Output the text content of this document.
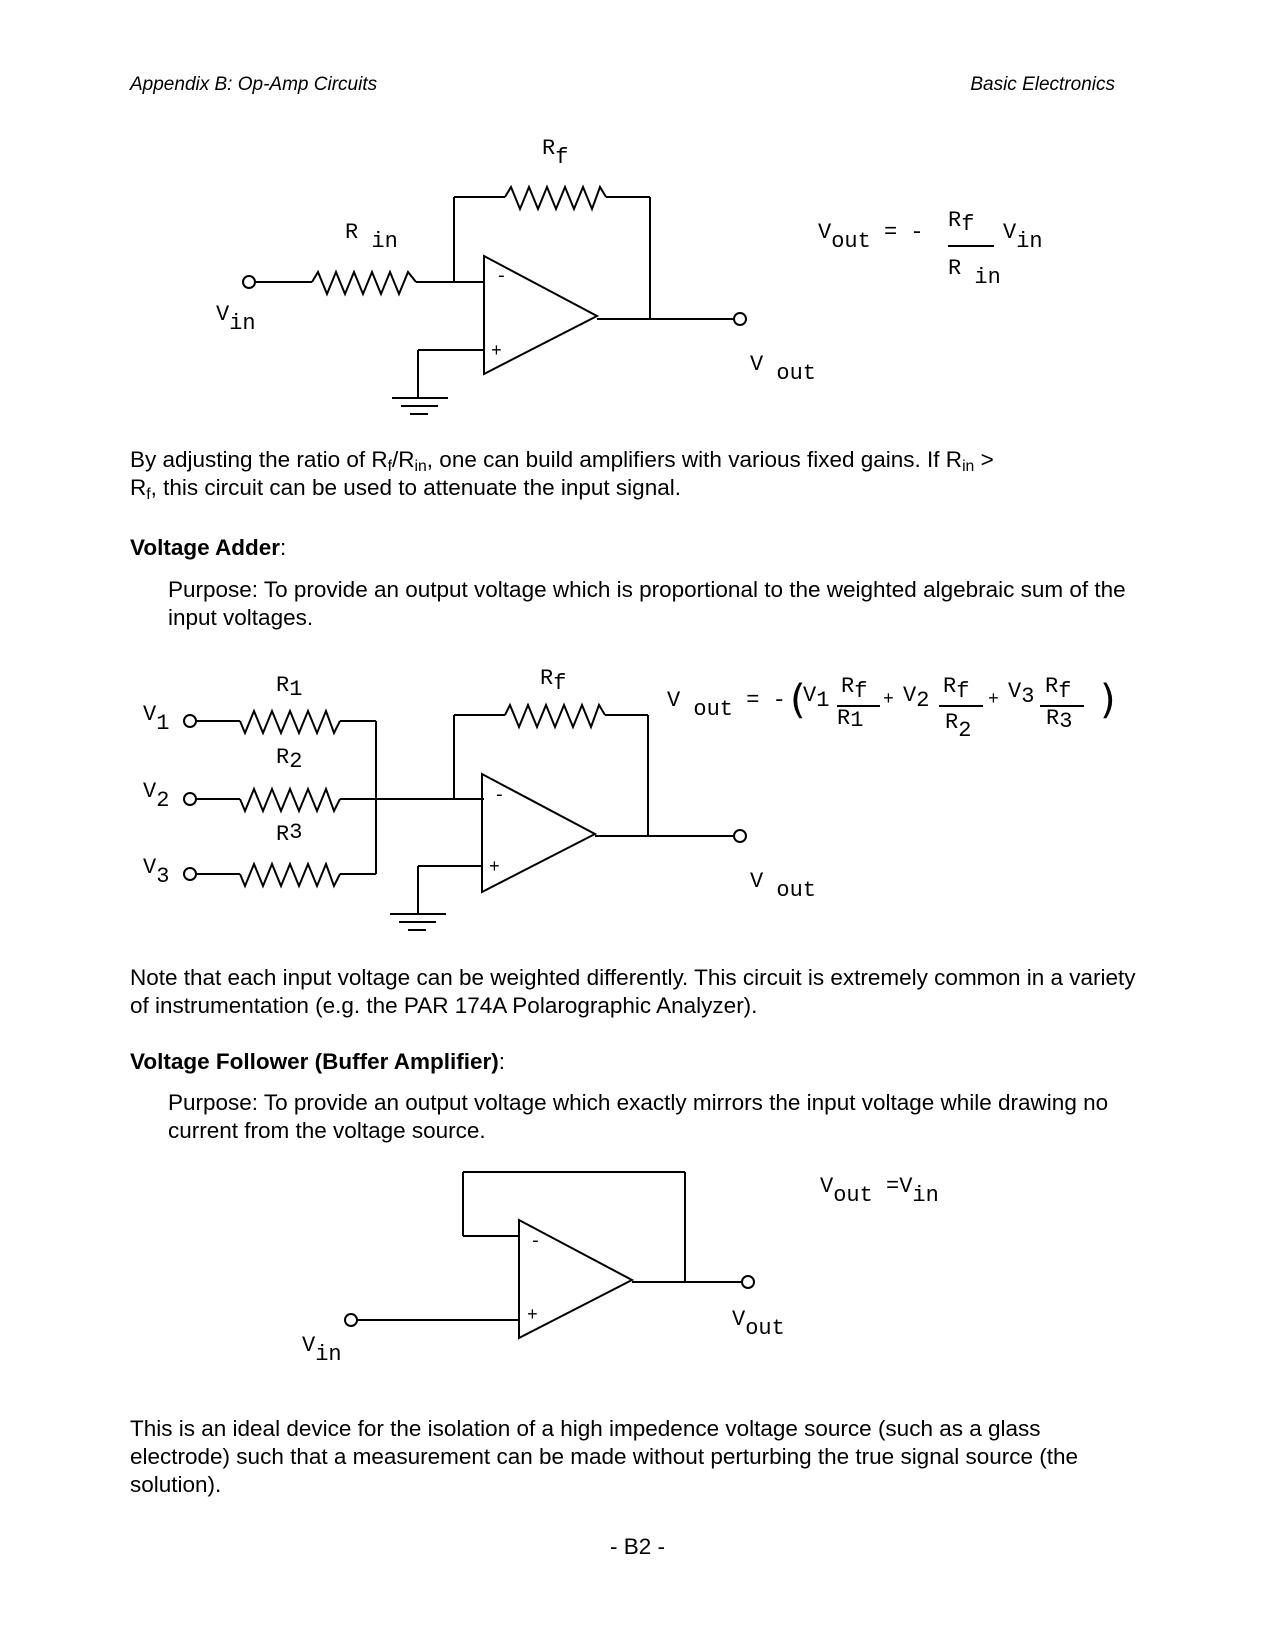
Appendix B: Op-Amp Circuits	Basic Electronics
Rf
R in
Vin
V out
-
+
Vout = - Rf
R in
Vin
By adjusting the ratio of $R_f/R_{in}$, one can build amplifiers with various fixed gains. If $R_{in}$ >
$R_f$, this circuit can be used to attenuate the input signal.
Voltage Adder:
Purpose: To provide an output voltage which is proportional to the weighted algebraic sum of the input voltages.
V1
V2
V3
R1
R2
R3
Rf
V out
-
+
V out = - (	)
V1
Rf
R1
+ V2
Rf
R2
+ V3 Rf
R3
Note that each input voltage can be weighted differently. This circuit is extremely common in a variety of instrumentation (e.g. the PAR 174A Polarographic Analyzer).
Voltage Follower (Buffer Amplifier):
Purpose: To provide an output voltage which exactly mirrors the input voltage while drawing no current from the voltage source.
Vin
Vout
-
+
Vout =Vin
This is an ideal device for the isolation of a high impedence voltage source (such as a glass electrode) such that a measurement can be made without perturbing the true signal source (the solution).
- B2 -
